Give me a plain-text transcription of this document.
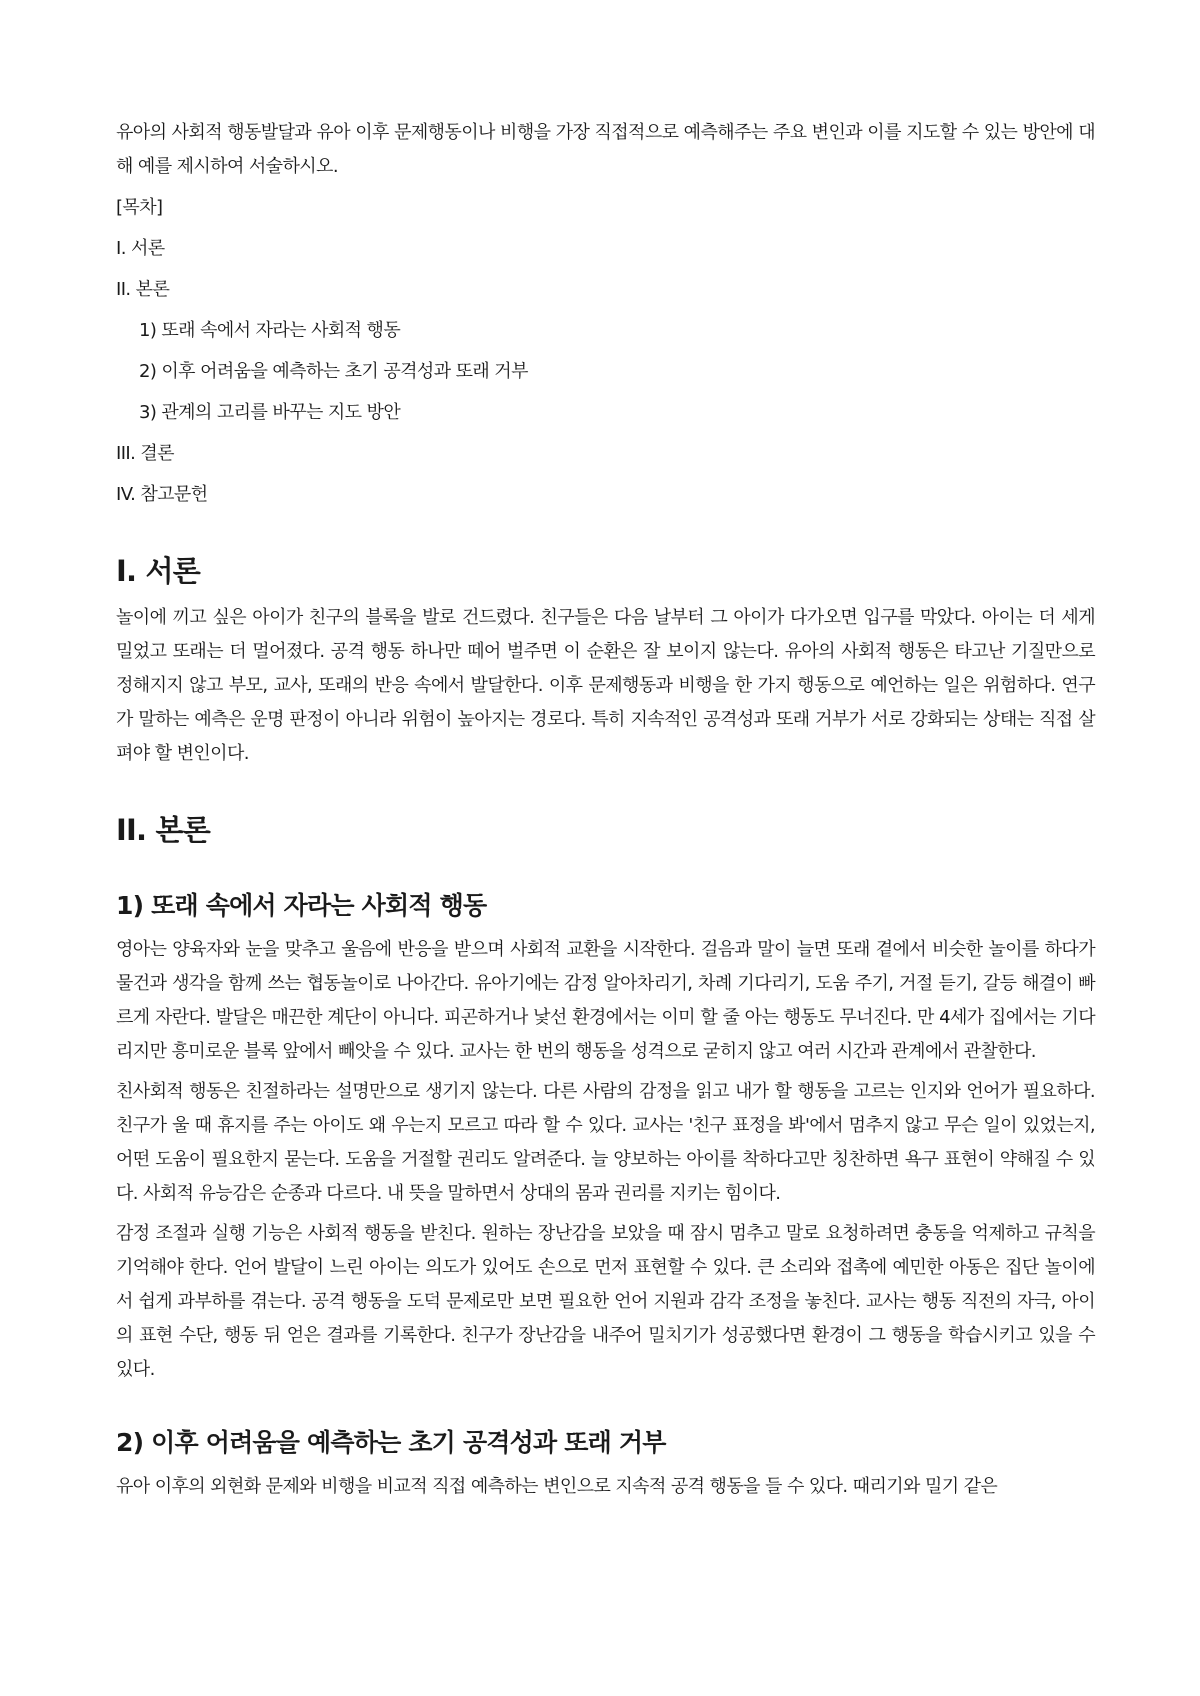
유아의 사회적 행동발달과 유아 이후 문제행동이나 비행을 가장 직접적으로 예측해주는 주요 변인과 이를 지도할 수 있는 방안에 대해 예를 제시하여 서술하시오.

[목차]

I. 서론

II. 본론

1) 또래 속에서 자라는 사회적 행동

2) 이후 어려움을 예측하는 초기 공격성과 또래 거부

3) 관계의 고리를 바꾸는 지도 방안

III. 결론

IV. 참고문헌

I. 서론

놀이에 끼고 싶은 아이가 친구의 블록을 발로 건드렸다. 친구들은 다음 날부터 그 아이가 다가오면 입구를 막았다. 아이는 더 세게 밀었고 또래는 더 멀어졌다. 공격 행동 하나만 떼어 벌주면 이 순환은 잘 보이지 않는다. 유아의 사회적 행동은 타고난 기질만으로 정해지지 않고 부모, 교사, 또래의 반응 속에서 발달한다. 이후 문제행동과 비행을 한 가지 행동으로 예언하는 일은 위험하다. 연구가 말하는 예측은 운명 판정이 아니라 위험이 높아지는 경로다. 특히 지속적인 공격성과 또래 거부가 서로 강화되는 상태는 직접 살펴야 할 변인이다.

II. 본론
1) 또래 속에서 자라는 사회적 행동

영아는 양육자와 눈을 맞추고 울음에 반응을 받으며 사회적 교환을 시작한다. 걸음과 말이 늘면 또래 곁에서 비슷한 놀이를 하다가 물건과 생각을 함께 쓰는 협동놀이로 나아간다. 유아기에는 감정 알아차리기, 차례 기다리기, 도움 주기, 거절 듣기, 갈등 해결이 빠르게 자란다. 발달은 매끈한 계단이 아니다. 피곤하거나 낯선 환경에서는 이미 할 줄 아는 행동도 무너진다. 만 4세가 집에서는 기다리지만 흥미로운 블록 앞에서 빼앗을 수 있다. 교사는 한 번의 행동을 성격으로 굳히지 않고 여러 시간과 관계에서 관찰한다.

친사회적 행동은 친절하라는 설명만으로 생기지 않는다. 다른 사람의 감정을 읽고 내가 할 행동을 고르는 인지와 언어가 필요하다. 친구가 울 때 휴지를 주는 아이도 왜 우는지 모르고 따라 할 수 있다. 교사는 '친구 표정을 봐'에서 멈추지 않고 무슨 일이 있었는지, 어떤 도움이 필요한지 묻는다. 도움을 거절할 권리도 알려준다. 늘 양보하는 아이를 착하다고만 칭찬하면 욕구 표현이 약해질 수 있다. 사회적 유능감은 순종과 다르다. 내 뜻을 말하면서 상대의 몸과 권리를 지키는 힘이다.

감정 조절과 실행 기능은 사회적 행동을 받친다. 원하는 장난감을 보았을 때 잠시 멈추고 말로 요청하려면 충동을 억제하고 규칙을 기억해야 한다. 언어 발달이 느린 아이는 의도가 있어도 손으로 먼저 표현할 수 있다. 큰 소리와 접촉에 예민한 아동은 집단 놀이에서 쉽게 과부하를 겪는다. 공격 행동을 도덕 문제로만 보면 필요한 언어 지원과 감각 조정을 놓친다. 교사는 행동 직전의 자극, 아이의 표현 수단, 행동 뒤 얻은 결과를 기록한다. 친구가 장난감을 내주어 밀치기가 성공했다면 환경이 그 행동을 학습시키고 있을 수 있다.

2) 이후 어려움을 예측하는 초기 공격성과 또래 거부

유아 이후의 외현화 문제와 비행을 비교적 직접 예측하는 변인으로 지속적 공격 행동을 들 수 있다. 때리기와 밀기 같은
